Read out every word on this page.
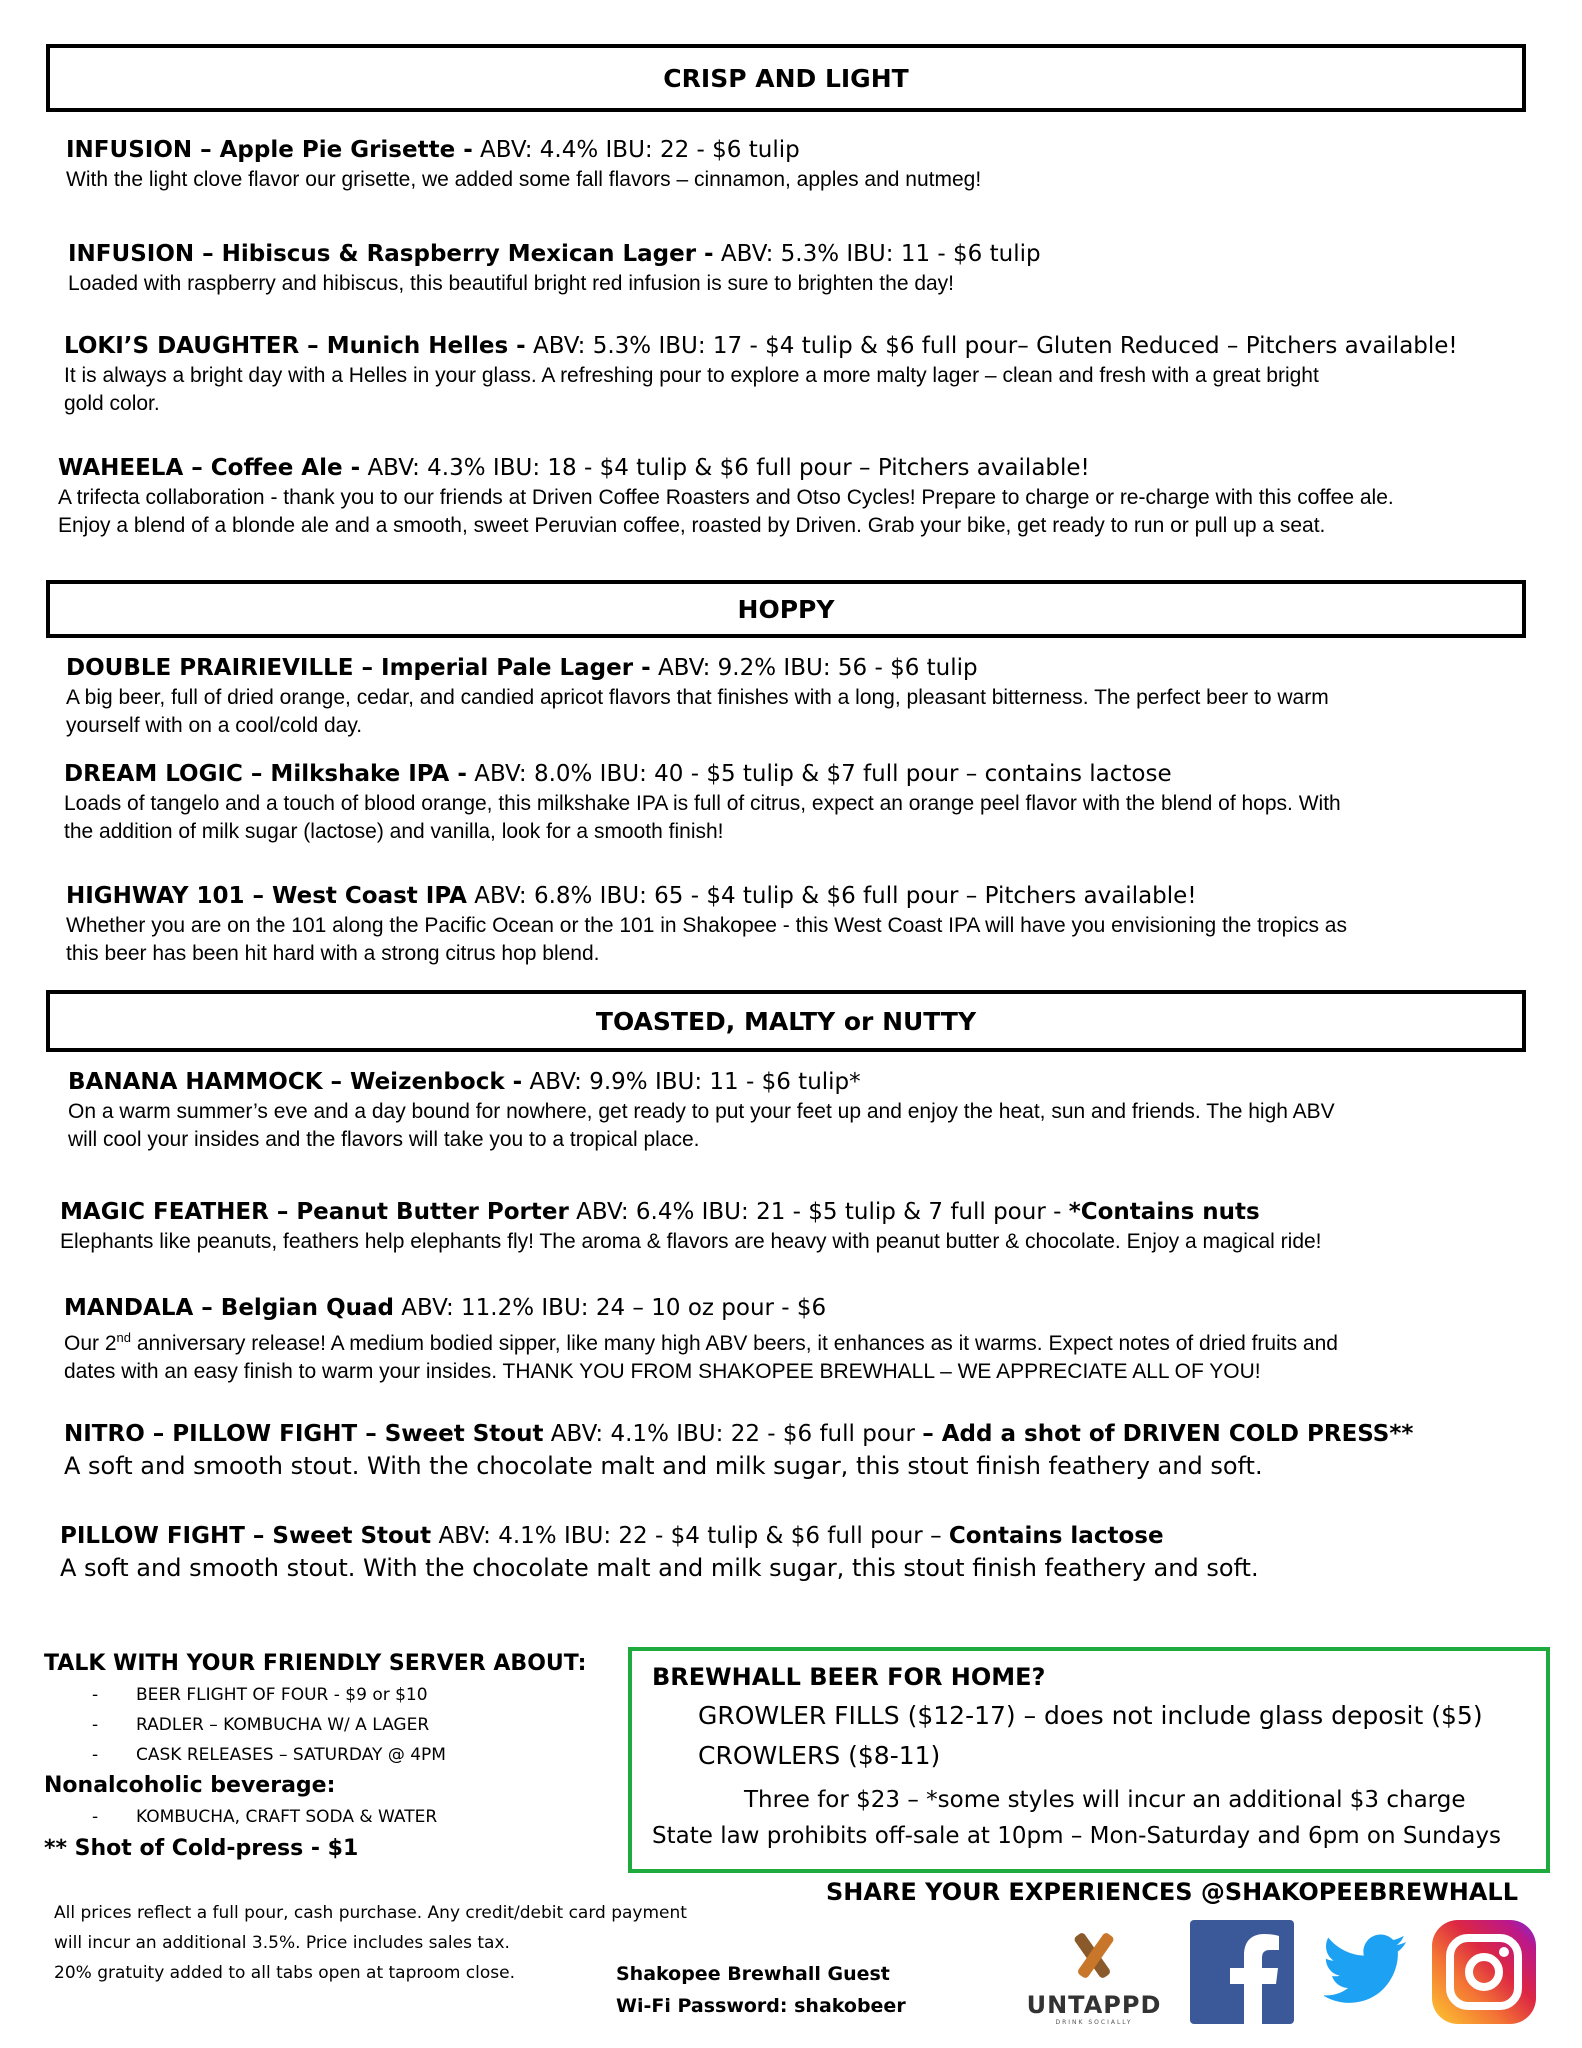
CRISP AND LIGHT
INFUSION – Apple Pie Grisette - ABV: 4.4% IBU: 22 - $6 tulip
With the light clove flavor our grisette, we added some fall flavors – cinnamon, apples and nutmeg!
INFUSION – Hibiscus & Raspberry Mexican Lager - ABV: 5.3% IBU: 11 - $6 tulip
Loaded with raspberry and hibiscus, this beautiful bright red infusion is sure to brighten the day!
LOKI’S DAUGHTER – Munich Helles - ABV: 5.3% IBU: 17 - $4 tulip & $6 full pour– Gluten Reduced – Pitchers available!
It is always a bright day with a Helles in your glass. A refreshing pour to explore a more malty lager – clean and fresh with a great bright
gold color.
WAHEELA – Coffee Ale - ABV: 4.3% IBU: 18 - $4 tulip & $6 full pour – Pitchers available!
A trifecta collaboration - thank you to our friends at Driven Coffee Roasters and Otso Cycles! Prepare to charge or re-charge with this coffee ale.
Enjoy a blend of a blonde ale and a smooth, sweet Peruvian coffee, roasted by Driven. Grab your bike, get ready to run or pull up a seat.
HOPPY
DOUBLE PRAIRIEVILLE – Imperial Pale Lager - ABV: 9.2% IBU: 56 - $6 tulip
A big beer, full of dried orange, cedar, and candied apricot flavors that finishes with a long, pleasant bitterness. The perfect beer to warm
yourself with on a cool/cold day.
DREAM LOGIC – Milkshake IPA - ABV: 8.0% IBU: 40 - $5 tulip & $7 full pour – contains lactose
Loads of tangelo and a touch of blood orange, this milkshake IPA is full of citrus, expect an orange peel flavor with the blend of hops. With
the addition of milk sugar (lactose) and vanilla, look for a smooth finish!
HIGHWAY 101 – West Coast IPA ABV: 6.8% IBU: 65 - $4 tulip & $6 full pour – Pitchers available!
Whether you are on the 101 along the Pacific Ocean or the 101 in Shakopee - this West Coast IPA will have you envisioning the tropics as
this beer has been hit hard with a strong citrus hop blend.
TOASTED, MALTY or NUTTY
BANANA HAMMOCK – Weizenbock - ABV: 9.9% IBU: 11 - $6 tulip*
On a warm summer’s eve and a day bound for nowhere, get ready to put your feet up and enjoy the heat, sun and friends. The high ABV
will cool your insides and the flavors will take you to a tropical place.
MAGIC FEATHER – Peanut Butter Porter ABV: 6.4% IBU: 21 - $5 tulip & 7 full pour - *Contains nuts
Elephants like peanuts, feathers help elephants fly! The aroma & flavors are heavy with peanut butter & chocolate. Enjoy a magical ride!
MANDALA – Belgian Quad ABV: 11.2% IBU: 24 – 10 oz pour - $6
Our 2nd anniversary release! A medium bodied sipper, like many high ABV beers, it enhances as it warms. Expect notes of dried fruits and
dates with an easy finish to warm your insides. THANK YOU FROM SHAKOPEE BREWHALL – WE APPRECIATE ALL OF YOU!
NITRO – PILLOW FIGHT – Sweet Stout ABV: 4.1% IBU: 22 - $6 full pour – Add a shot of DRIVEN COLD PRESS**
A soft and smooth stout. With the chocolate malt and milk sugar, this stout finish feathery and soft.
PILLOW FIGHT – Sweet Stout ABV: 4.1% IBU: 22 - $4 tulip & $6 full pour – Contains lactose
A soft and smooth stout. With the chocolate malt and milk sugar, this stout finish feathery and soft.
TALK WITH YOUR FRIENDLY SERVER ABOUT:
- BEER FLIGHT OF FOUR - $9 or $10
- RADLER – KOMBUCHA W/ A LAGER
- CASK RELEASES – SATURDAY @ 4PM
Nonalcoholic beverage:
- KOMBUCHA, CRAFT SODA & WATER
** Shot of Cold-press - $1
BREWHALL BEER FOR HOME?
GROWLER FILLS ($12-17) – does not include glass deposit ($5)
CROWLERS ($8-11)
Three for $23 – *some styles will incur an additional $3 charge
State law prohibits off-sale at 10pm – Mon-Saturday and 6pm on Sundays
SHARE YOUR EXPERIENCES @SHAKOPEEBREWHALL
All prices reflect a full pour, cash purchase. Any credit/debit card payment
will incur an additional 3.5%. Price includes sales tax.
20% gratuity added to all tabs open at taproom close.	Shakopee Brewhall Guest
Wi-Fi Password: shakobeer	UNTAPPD
DRINK SOCIALLY
